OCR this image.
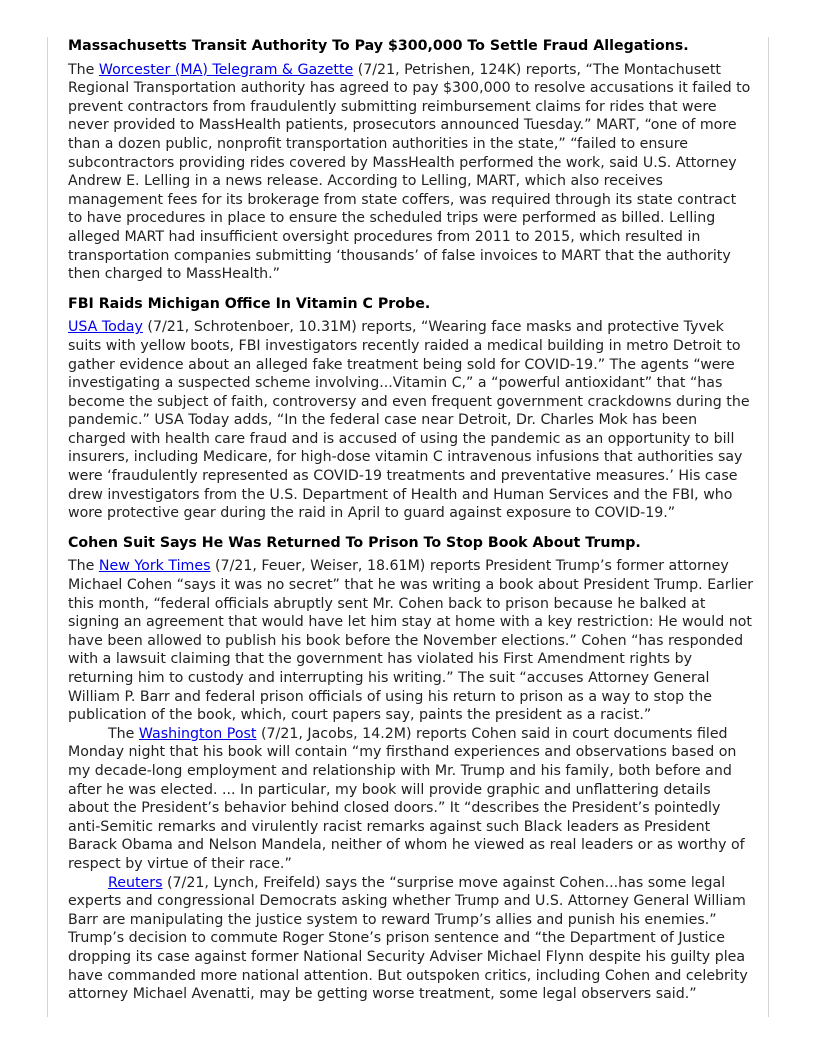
Massachusetts Transit Authority To Pay $300,000 To Settle Fraud Allegations.

The Worcester (MA) Telegram & Gazette (7/21, Petrishen, 124K) reports, “The Montachusett Regional Transportation authority has agreed to pay $300,000 to resolve accusations it failed to prevent contractors from fraudulently submitting reimbursement claims for rides that were never provided to MassHealth patients, prosecutors announced Tuesday.” MART, “one of more than a dozen public, nonprofit transportation authorities in the state,” “failed to ensure subcontractors providing rides covered by MassHealth performed the work, said U.S. Attorney Andrew E. Lelling in a news release. According to Lelling, MART, which also receives management fees for its brokerage from state coffers, was required through its state contract to have procedures in place to ensure the scheduled trips were performed as billed. Lelling alleged MART had insufficient oversight procedures from 2011 to 2015, which resulted in transportation companies submitting ‘thousands’ of false invoices to MART that the authority then charged to MassHealth.”

FBI Raids Michigan Office In Vitamin C Probe.

USA Today (7/21, Schrotenboer, 10.31M) reports, “Wearing face masks and protective Tyvek suits with yellow boots, FBI investigators recently raided a medical building in metro Detroit to gather evidence about an alleged fake treatment being sold for COVID-19.” The agents “were investigating a suspected scheme involving...Vitamin C,” a “powerful antioxidant” that “has become the subject of faith, controversy and even frequent government crackdowns during the pandemic.” USA Today adds, “In the federal case near Detroit, Dr. Charles Mok has been charged with health care fraud and is accused of using the pandemic as an opportunity to bill insurers, including Medicare, for high-dose vitamin C intravenous infusions that authorities say were ‘fraudulently represented as COVID-19 treatments and preventative measures.’ His case drew investigators from the U.S. Department of Health and Human Services and the FBI, who wore protective gear during the raid in April to guard against exposure to COVID-19.”

Cohen Suit Says He Was Returned To Prison To Stop Book About Trump.

The New York Times (7/21, Feuer, Weiser, 18.61M) reports President Trump’s former attorney Michael Cohen “says it was no secret” that he was writing a book about President Trump. Earlier this month, “federal officials abruptly sent Mr. Cohen back to prison because he balked at signing an agreement that would have let him stay at home with a key restriction: He would not have been allowed to publish his book before the November elections.” Cohen “has responded with a lawsuit claiming that the government has violated his First Amendment rights by returning him to custody and interrupting his writing.” The suit “accuses Attorney General William P. Barr and federal prison officials of using his return to prison as a way to stop the publication of the book, which, court papers say, paints the president as a racist.”

The Washington Post (7/21, Jacobs, 14.2M) reports Cohen said in court documents filed Monday night that his book will contain “my firsthand experiences and observations based on my decade-long employment and relationship with Mr. Trump and his family, both before and after he was elected. ... In particular, my book will provide graphic and unflattering details about the President’s behavior behind closed doors.” It “describes the President’s pointedly anti-Semitic remarks and virulently racist remarks against such Black leaders as President Barack Obama and Nelson Mandela, neither of whom he viewed as real leaders or as worthy of respect by virtue of their race.”

Reuters (7/21, Lynch, Freifeld) says the “surprise move against Cohen...has some legal experts and congressional Democrats asking whether Trump and U.S. Attorney General William Barr are manipulating the justice system to reward Trump’s allies and punish his enemies.” Trump’s decision to commute Roger Stone’s prison sentence and “the Department of Justice dropping its case against former National Security Adviser Michael Flynn despite his guilty plea have commanded more national attention. But outspoken critics, including Cohen and celebrity attorney Michael Avenatti, may be getting worse treatment, some legal observers said.”
